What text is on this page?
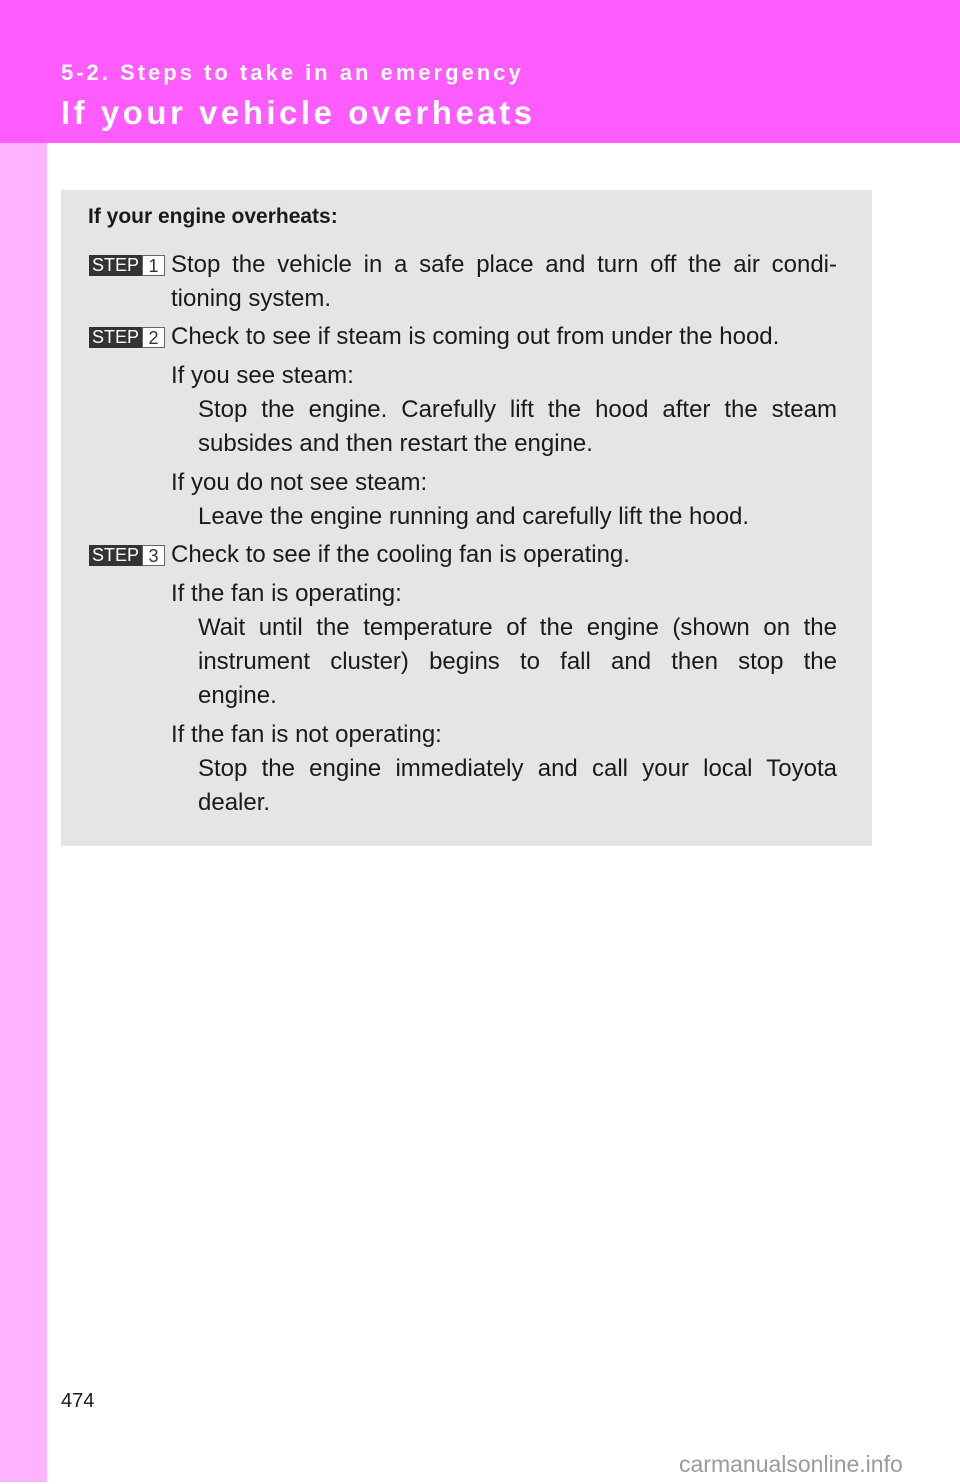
5-2. Steps to take in an emergency
If your vehicle overheats
If your engine overheats:
STEP 1 Stop the vehicle in a safe place and turn off the air condi-
tioning system.
STEP 2 Check to see if steam is coming out from under the hood.
If you see steam:
Stop the engine. Carefully lift the hood after the steam
subsides and then restart the engine.
If you do not see steam:
Leave the engine running and carefully lift the hood.
STEP 3 Check to see if the cooling fan is operating.
If the fan is operating:
Wait until the temperature of the engine (shown on the
instrument cluster) begins to fall and then stop the
engine.
If the fan is not operating:
Stop the engine immediately and call your local Toyota
dealer.
474
carmanualsonline.info
